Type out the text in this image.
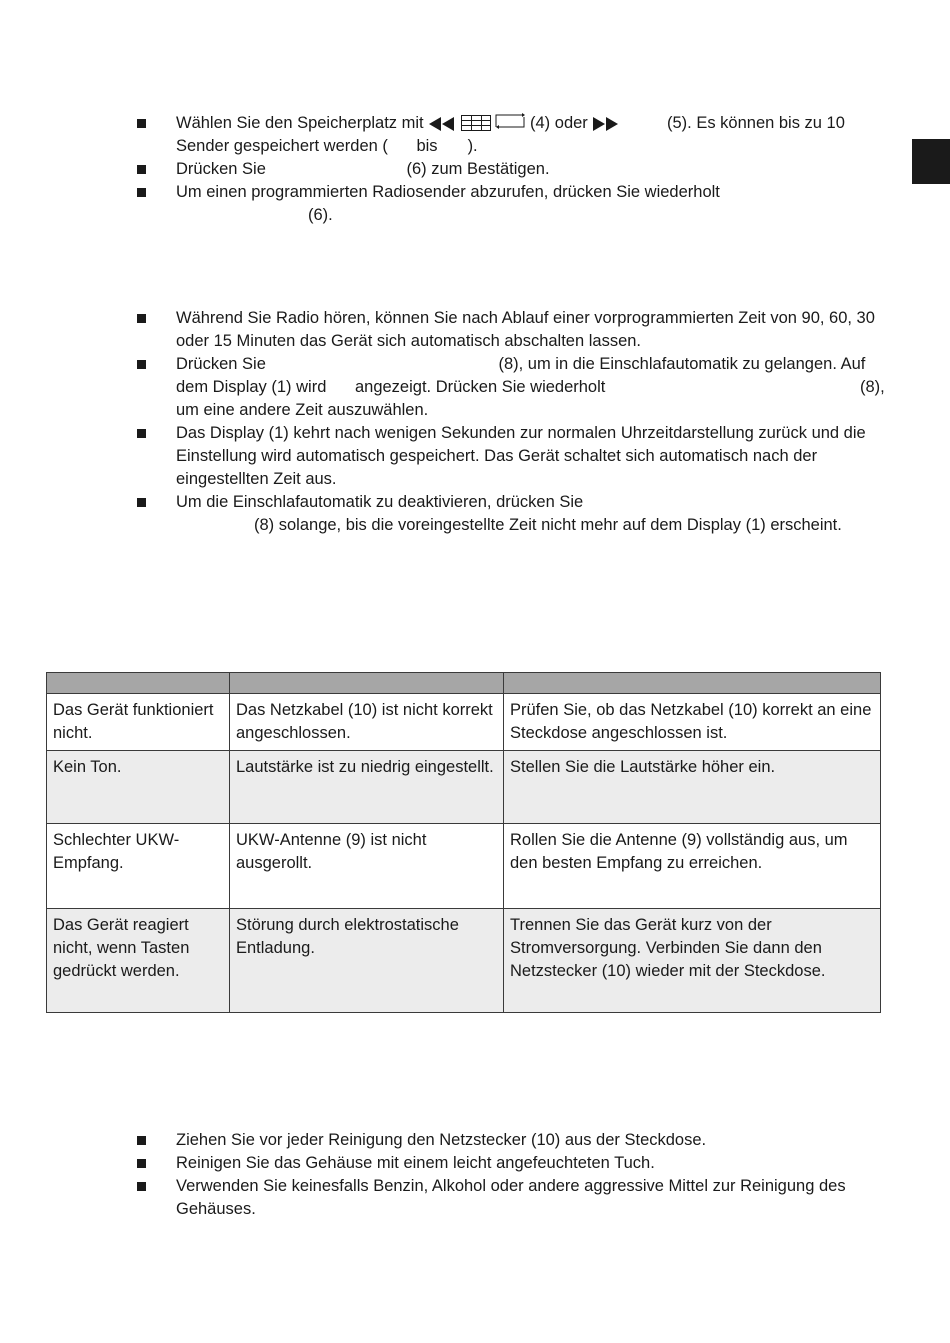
Wählen Sie den Speicherplatz mit

	(4) oder	(5). Es können bis zu 10 Sender gespeichert werden ( bis ).
Drücken Sie	(6) zum Bestätigen.
Um einen programmierten Radiosender abzurufen, drücken Sie wiederholt
(6).
Während Sie Radio hören, können Sie nach Ablauf einer vorprogrammierten Zeit von 90, 60, 30 oder 15 Minuten das Gerät sich automatisch abschalten lassen.
Drücken Sie	(8), um in die Einschlafautomatik zu gelangen. Auf dem Display (1) wird angezeigt. Drücken Sie wiederholt	(8), um eine andere Zeit auszuwählen.
Das Display (1) kehrt nach wenigen Sekunden zur normalen Uhrzeitdarstellung zurück und die Einstellung wird automatisch gespeichert. Das Gerät schaltet sich automatisch nach der eingestellten Zeit aus.
Um die Einschlafautomatik zu deaktivieren, drücken Sie
(8) solange, bis die voreingestellte Zeit nicht mehr auf dem Display (1) erscheint.

Das Gerät funktioniert nicht.	Das Netzkabel (10) ist nicht korrekt angeschlossen.	Prüfen Sie, ob das Netzkabel (10) korrekt an eine Steckdose angeschlossen ist.
Kein Ton.	Lautstärke ist zu niedrig eingestellt.	Stellen Sie die Lautstärke höher ein.
Schlechter UKW-Empfang.	UKW-Antenne (9) ist nicht ausgerollt.	Rollen Sie die Antenne (9) vollständig aus, um den besten Empfang zu erreichen.
Das Gerät reagiert nicht, wenn Tasten gedrückt werden.	Störung durch elektrostatische Entladung.	Trennen Sie das Gerät kurz von der Stromversorgung. Verbinden Sie dann den Netzstecker (10) wieder mit der Steckdose.
Ziehen Sie vor jeder Reinigung den Netzstecker (10) aus der Steckdose.
Reinigen Sie das Gehäuse mit einem leicht angefeuchteten Tuch.
Verwenden Sie keinesfalls Benzin, Alkohol oder andere aggressive Mittel zur Reinigung des Gehäuses.
